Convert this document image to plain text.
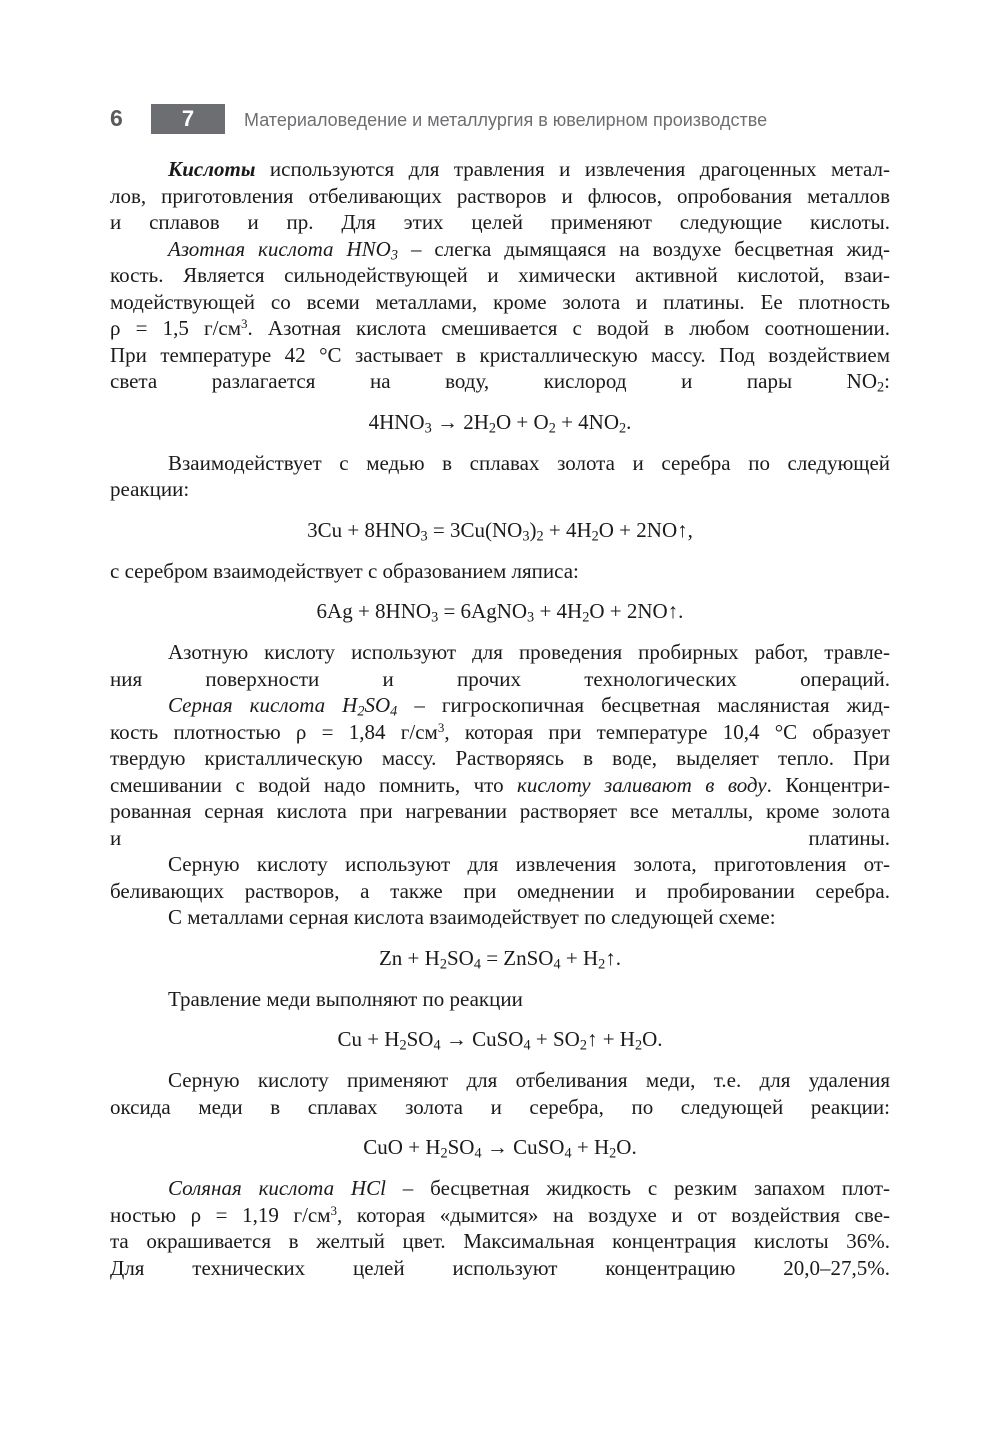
6	7	Материаловедение и металлургия в ювелирном производстве

Кислоты используются для травления и извлечения драгоценных метал-
лов, приготовления отбеливающих растворов и флюсов, опробования металлов
и сплавов и пр. Для этих целей применяют следующие кислоты.

Азотная кислота $HNO_3$ – слегка дымящаяся на воздухе бесцветная жид-
кость. Является сильнодействующей и химически активной кислотой, взаи-
модействующей со всеми металлами, кроме золота и платины. Ее плотность
ρ = 1,5 $г/см^3$. Азотная кислота смешивается с водой в любом соотношении.
При температуре 42 °С застывает в кристаллическую массу. Под воздействием
света разлагается на воду, кислород и пары $NO_2$:

$4HNO_3 \to 2H_2O + O_2 + 4NO_2$.

Взаимодействует с медью в сплавах золота и серебра по следующей
реакции:

$3Cu + 8HNO_3 = 3Cu(NO_3)_2 + 4H_2O$ + 2NO↑,

с серебром взаимодействует с образованием ляписа:

$6Ag + 8HNO_3$ = 6AgNO$_3$ + $4H_2O$ + 2NO↑.

Азотную кислоту используют для проведения пробирных работ, травле-
ния поверхности и прочих технологических операций.

Серная кислота $H_2SO_4$ – гигроскопичная бесцветная маслянистая жид-
кость плотностью ρ = 1,84 $г/см^3$, которая при температуре 10,4 °С образует
твердую кристаллическую массу. Растворяясь в воде, выделяет тепло. При
смешивании с водой надо помнить, что кислоту заливают в воду. Концентри-
рованная серная кислота при нагревании растворяет все металлы, кроме золота
и платины.

Серную кислоту используют для извлечения золота, приготовления от-
беливающих растворов, а также при омеднении и пробировании серебра.

С металлами серная кислота взаимодействует по следующей схеме:

$Zn + H_2SO_4$ = ZnSO$_4$ + $H_2↑$.

Травление меди выполняют по реакции

$Cu + H_2SO_4$ → CuSO$_4$ + $SO_2↑ + H_2O$.

Серную кислоту применяют для отбеливания меди, т.е. для удаления
оксида меди в сплавах золота и серебра, по следующей реакции:

CuO + $H_2SO_4$ → CuSO$_4$ + $H_2O$.

Соляная кислота HCl – бесцветная жидкость с резким запахом плот-
ностью ρ = 1,19 $г/см^3$, которая «дымится» на воздухе и от воздействия све-
та окрашивается в желтый цвет. Максимальная концентрация кислоты 36%.
Для технических целей используют концентрацию 20,0–27,5%.
